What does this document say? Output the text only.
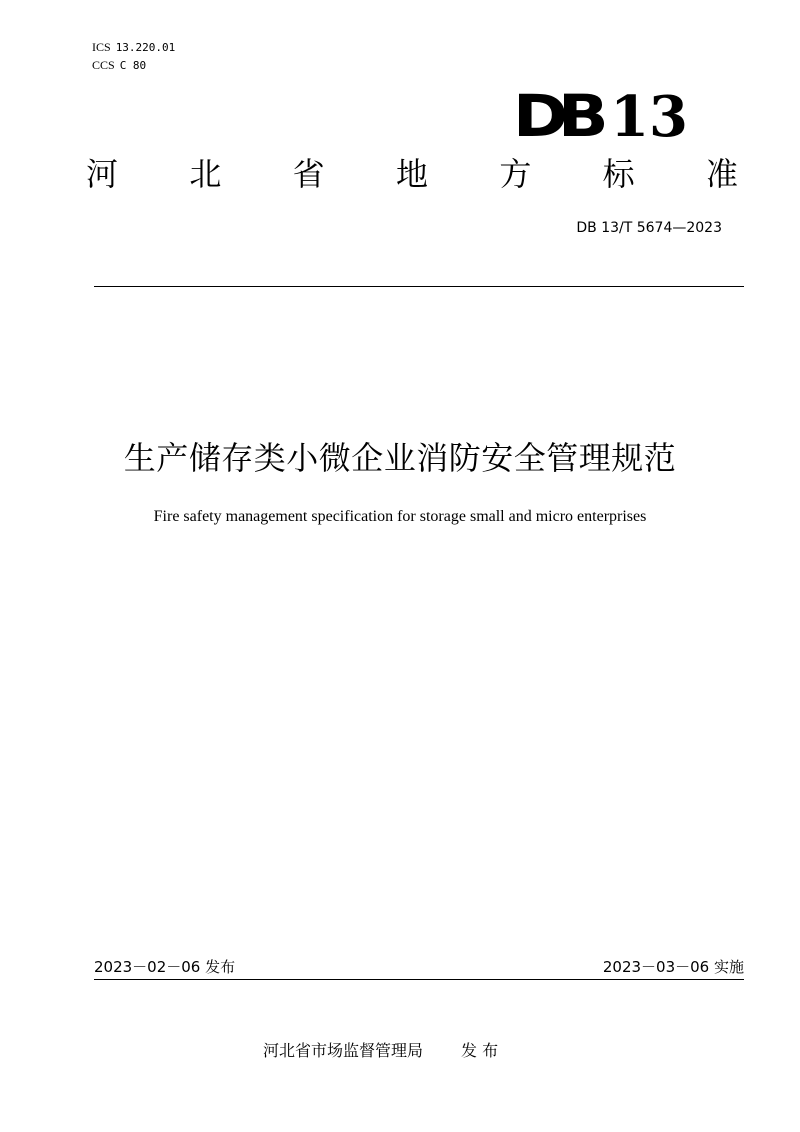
ICS 13.220.01
CCS C 80
DB 13
河 北 省 地 方 标 准
DB 13/T 5674—2023
生产储存类小微企业消防安全管理规范
Fire safety management specification for storage small and micro enterprises
2023－02－06 发布	2023－03－06 实施
河北省市场监督管理局 发 布
